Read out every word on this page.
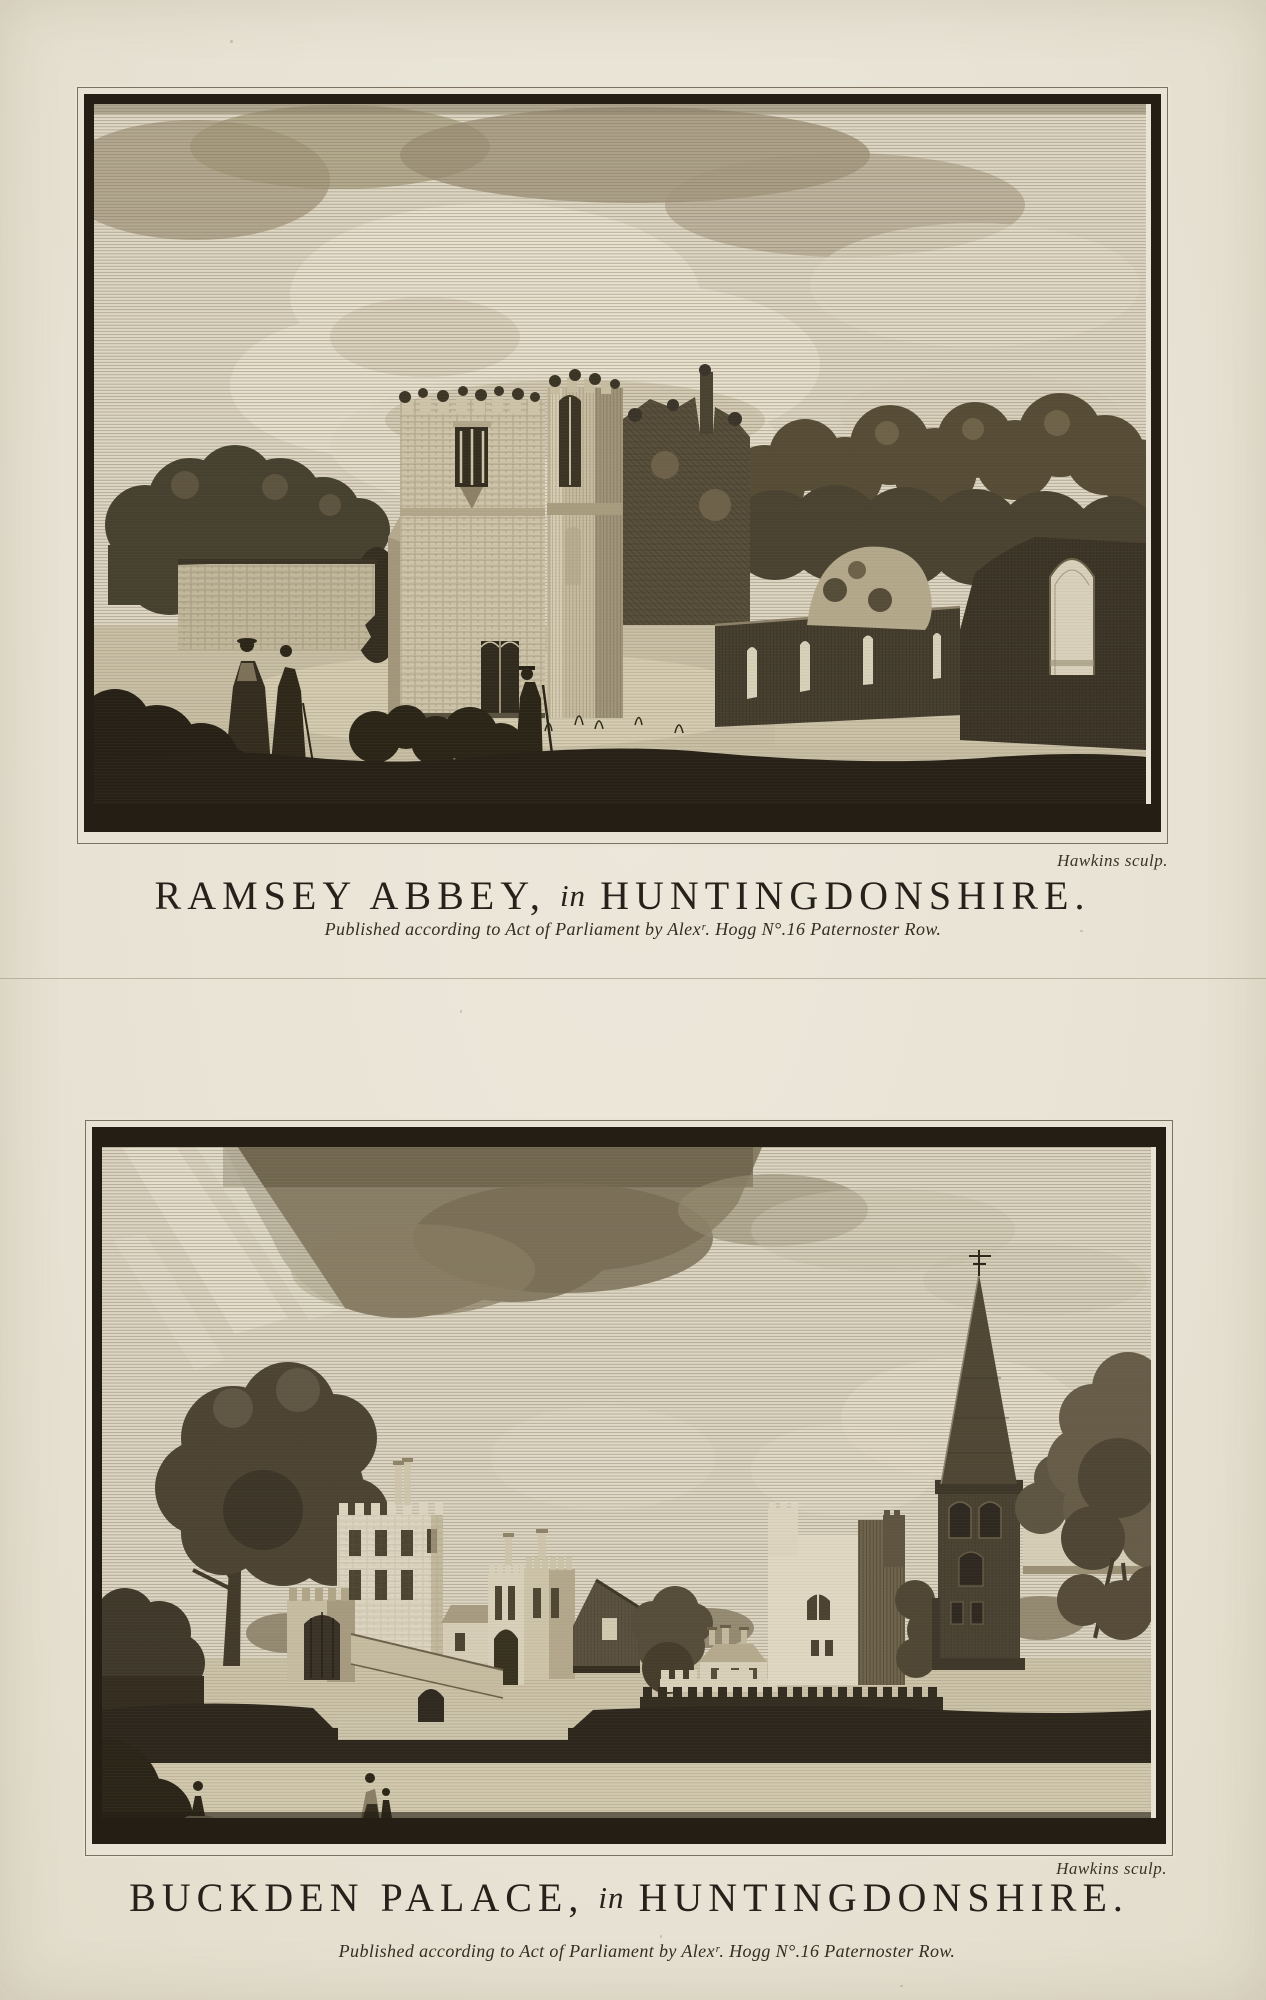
Hawkins sculp.
RAMSEY ABBEY, in HUNTINGDONSHIRE.
Published according to Act of Parliament by Alexʳ. Hogg N°.16 Paternoster Row.
Hawkins sculp.
BUCKDEN PALACE, in HUNTINGDONSHIRE.
Published according to Act of Parliament by Alexʳ. Hogg N°.16 Paternoster Row.
